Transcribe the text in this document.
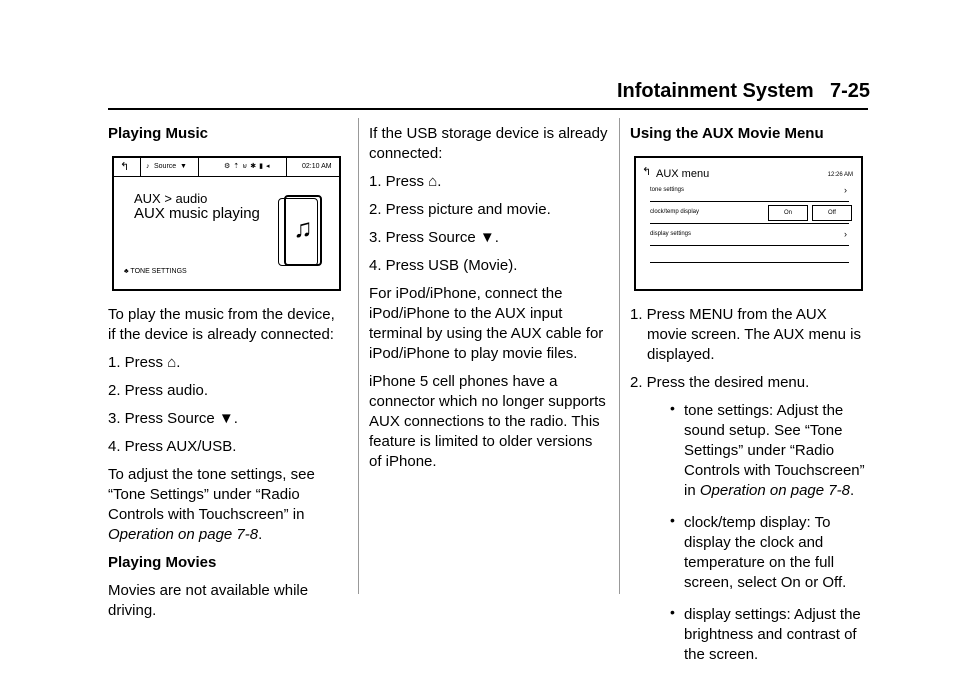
Infotainment System 7-25

Playing Music

↰ ♪ Source ▼	⚙⇡⊍✱▮◂	02:10 AM
AUX > audio
AUX music playing	♫
♣ TONE SETTINGS

To play the music from the device, if the device is already connected:

1. Press ⌂.

2. Press audio.

3. Press Source ▼.

4. Press AUX/USB.

To adjust the tone settings, see “Tone Settings” under “Radio Controls with Touchscreen” in Operation on page 7-8.

Playing Movies

Movies are not available while driving.

If the USB storage device is already connected:

1. Press ⌂.

2. Press picture and movie.

3. Press Source ▼.

4. Press USB (Movie).

For iPod/iPhone, connect the iPod/iPhone to the AUX input terminal by using the AUX cable for iPod/iPhone to play movie files.

iPhone 5 cell phones have a connector which no longer supports AUX connections to the radio. This feature is limited to older versions of iPhone.

Using the AUX Movie Menu

↰ AUX menu	12:26 AM
tone settings	›
clock/temp display	On	Off
display settings	›

1. Press MENU from the AUX movie screen. The AUX menu is displayed.

2. Press the desired menu.

• tone settings: Adjust the sound setup. See “Tone Settings” under “Radio Controls with Touchscreen” in Operation on page 7-8.

• clock/temp display: To display the clock and temperature on the full screen, select On or Off.

• display settings: Adjust the brightness and contrast of the screen.
